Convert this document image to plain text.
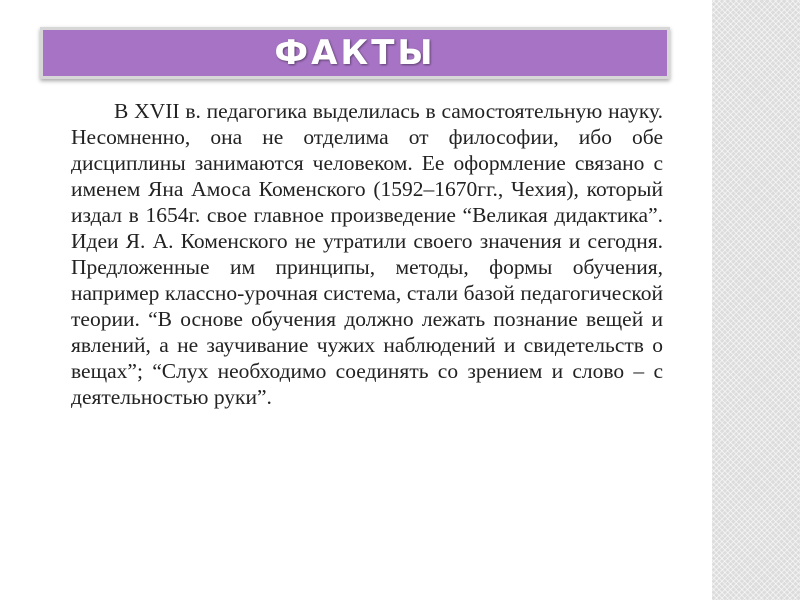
ФАКТЫ

В XVII в. педагогика выделилась в самостоятельную науку. Несомненно, она не отделима от философии, ибо обе дисциплины занимаются человеком. Ее оформление связано с именем Яна Амоса Коменского (1592–1670гг., Чехия), который издал в 1654г. свое главное произведение “Великая дидактика”. Идеи Я. А. Коменского не утратили своего значения и сегодня. Предложенные им принципы, методы, формы обучения, например классно-урочная система, стали базой педагогической теории. “В основе обучения должно лежать познание вещей и явлений, а не заучивание чужих наблюдений и свидетельств о вещах”; “Слух необходимо соединять со зрением и слово – с деятельностью руки”.
